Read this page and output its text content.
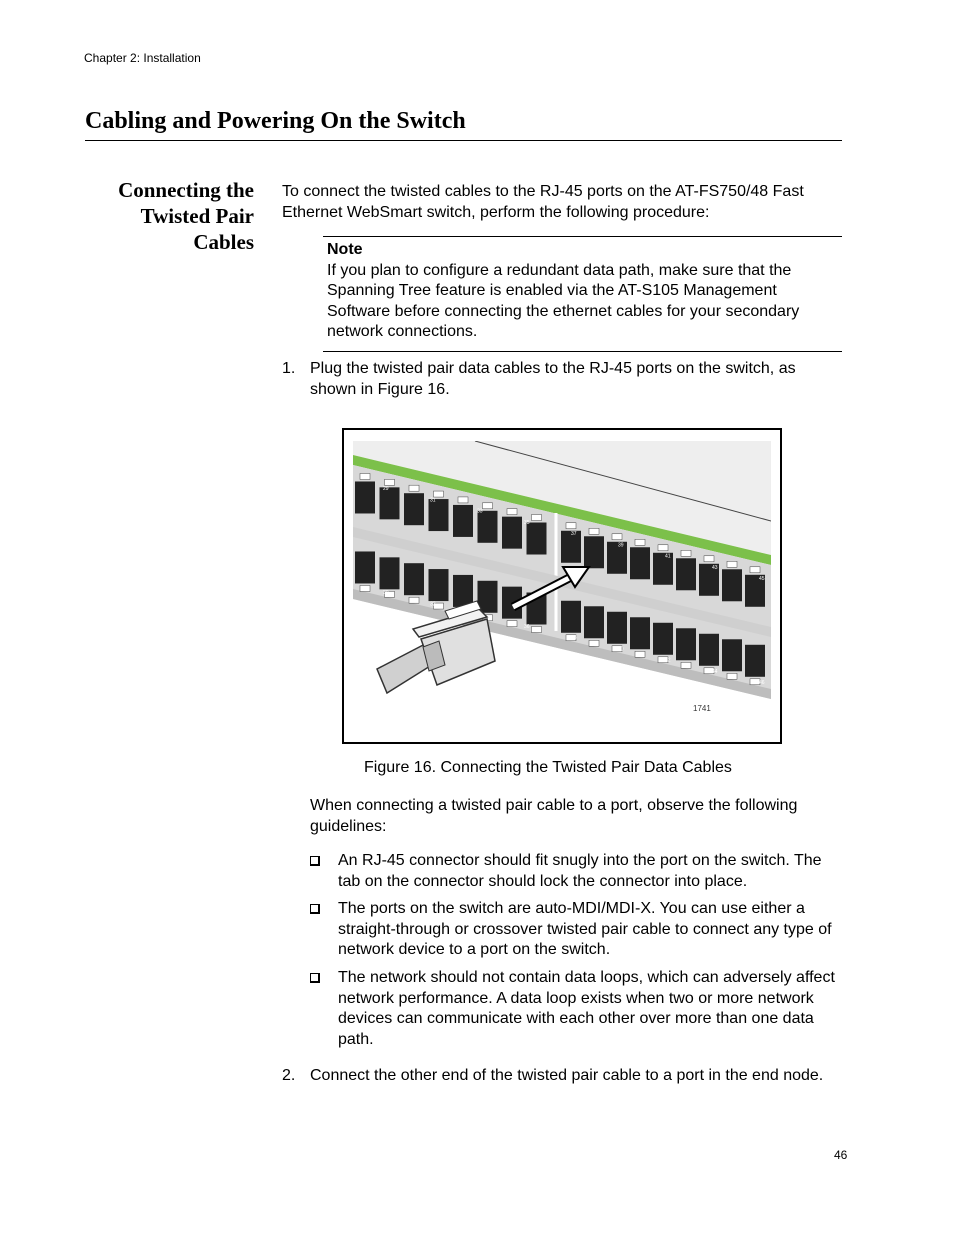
Chapter 2: Installation
Cabling and Powering On the Switch
Connecting the
Twisted Pair
Cables

To connect the twisted cables to the RJ-45 ports on the AT-FS750/48 Fast Ethernet WebSmart switch, perform the following procedure:

Note
If you plan to configure a redundant data path, make sure that the Spanning Tree feature is enabled via the AT-S105 Management Software before connecting the ethernet cables for your secondary network connections.
1. Plug the twisted pair data cables to the RJ-45 ports on the switch, as shown in Figure 16.
29
31
33
35
37
39
41
43
45
30
32
36
38
40
42
44
46
1741
Figure 16. Connecting the Twisted Pair Data Cables

When connecting a twisted pair cable to a port, observe the following guidelines:

An RJ-45 connector should fit snugly into the port on the switch. The tab on the connector should lock the connector into place.
The ports on the switch are auto-MDI/MDI-X. You can use either a straight-through or crossover twisted pair cable to connect any type of network device to a port on the switch.
The network should not contain data loops, which can adversely affect network performance. A data loop exists when two or more network devices can communicate with each other over more than one data path.
2. Connect the other end of the twisted pair cable to a port in the end node.
46
